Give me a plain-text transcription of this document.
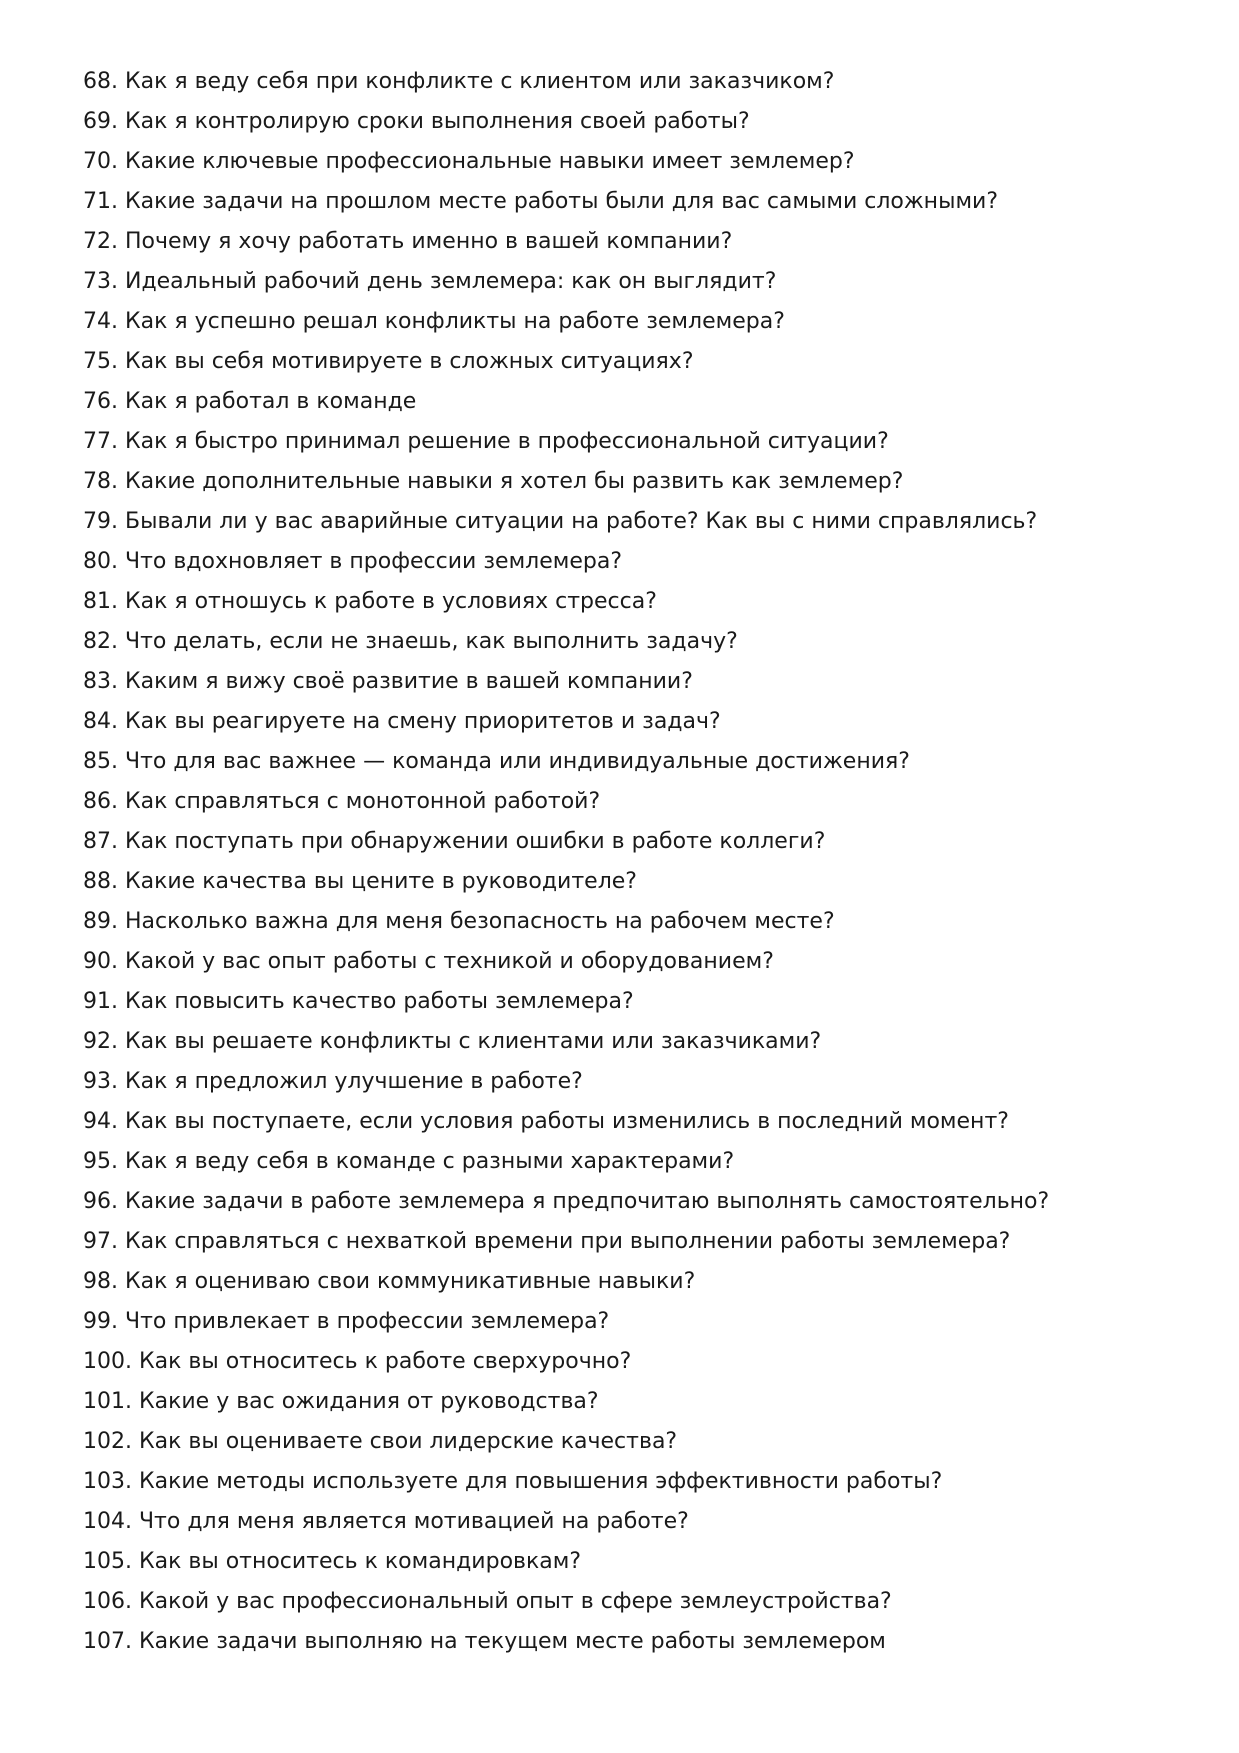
68. Как я веду себя при конфликте с клиентом или заказчиком?
69. Как я контролирую сроки выполнения своей работы?
70. Какие ключевые профессиональные навыки имеет землемер?
71. Какие задачи на прошлом месте работы были для вас самыми сложными?
72. Почему я хочу работать именно в вашей компании?
73. Идеальный рабочий день землемера: как он выглядит?
74. Как я успешно решал конфликты на работе землемера?
75. Как вы себя мотивируете в сложных ситуациях?
76. Как я работал в команде
77. Как я быстро принимал решение в профессиональной ситуации?
78. Какие дополнительные навыки я хотел бы развить как землемер?
79. Бывали ли у вас аварийные ситуации на работе? Как вы с ними справлялись?
80. Что вдохновляет в профессии землемера?
81. Как я отношусь к работе в условиях стресса?
82. Что делать, если не знаешь, как выполнить задачу?
83. Каким я вижу своё развитие в вашей компании?
84. Как вы реагируете на смену приоритетов и задач?
85. Что для вас важнее — команда или индивидуальные достижения?
86. Как справляться с монотонной работой?
87. Как поступать при обнаружении ошибки в работе коллеги?
88. Какие качества вы цените в руководителе?
89. Насколько важна для меня безопасность на рабочем месте?
90. Какой у вас опыт работы с техникой и оборудованием?
91. Как повысить качество работы землемера?
92. Как вы решаете конфликты с клиентами или заказчиками?
93. Как я предложил улучшение в работе?
94. Как вы поступаете, если условия работы изменились в последний момент?
95. Как я веду себя в команде с разными характерами?
96. Какие задачи в работе землемера я предпочитаю выполнять самостоятельно?
97. Как справляться с нехваткой времени при выполнении работы землемера?
98. Как я оцениваю свои коммуникативные навыки?
99. Что привлекает в профессии землемера?
100. Как вы относитесь к работе сверхурочно?
101. Какие у вас ожидания от руководства?
102. Как вы оцениваете свои лидерские качества?
103. Какие методы используете для повышения эффективности работы?
104. Что для меня является мотивацией на работе?
105. Как вы относитесь к командировкам?
106. Какой у вас профессиональный опыт в сфере землеустройства?
107. Какие задачи выполняю на текущем месте работы землемером
